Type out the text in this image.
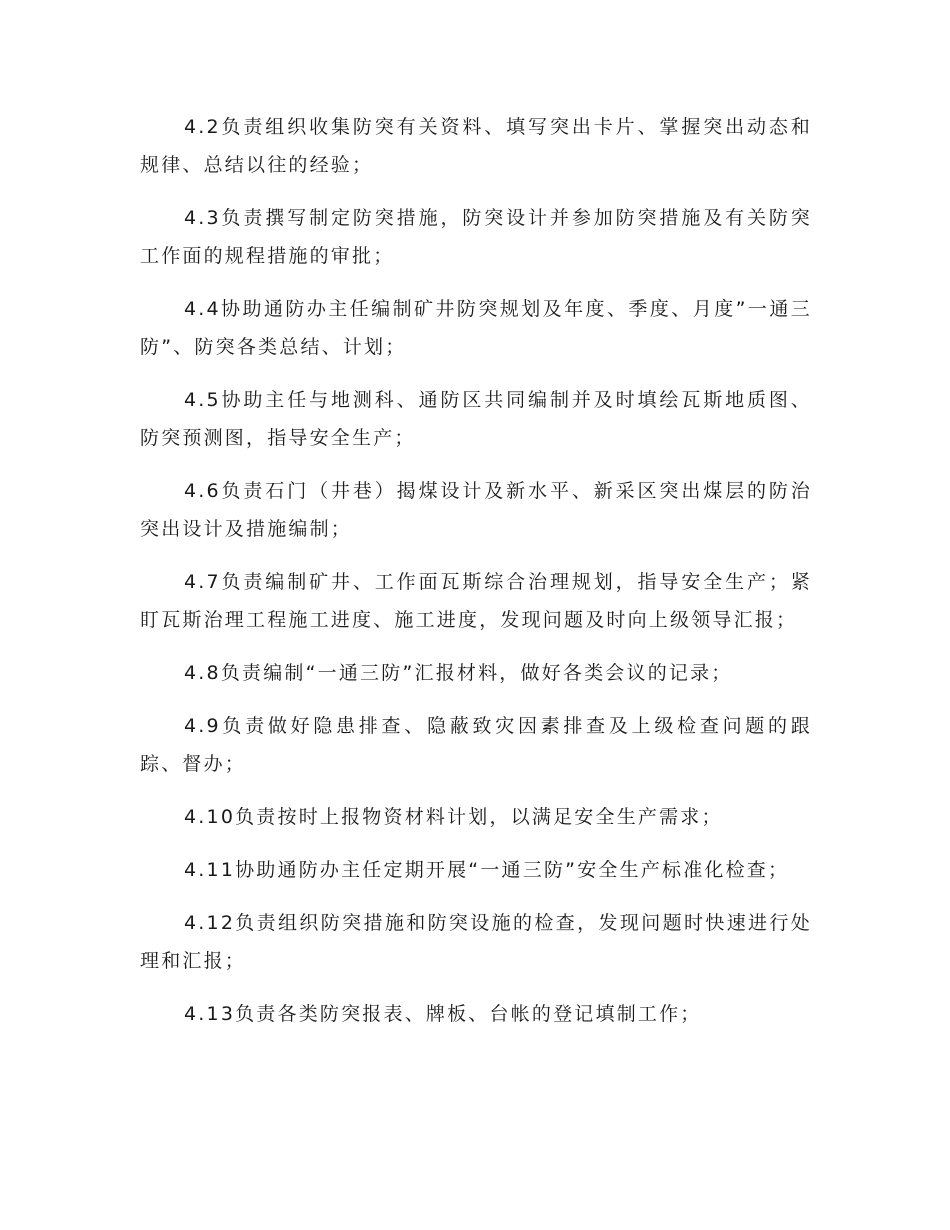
4.2负责组织收集防突有关资料、填写突出卡片、掌握突出动态和规律、总结以往的经验；

4.3负责撰写制定防突措施，防突设计并参加防突措施及有关防突工作面的规程措施的审批；

4.4协助通防办主任编制矿井防突规划及年度、季度、月度”一通三防”、防突各类总结、计划；

4.5协助主任与地测科、通防区共同编制并及时填绘瓦斯地质图、防突预测图，指导安全生产；

4.6负责石门（井巷）揭煤设计及新水平、新采区突出煤层的防治突出设计及措施编制；

4.7负责编制矿井、工作面瓦斯综合治理规划，指导安全生产；紧盯瓦斯治理工程施工进度、施工进度，发现问题及时向上级领导汇报；

4.8负责编制“一通三防”汇报材料，做好各类会议的记录；

4.9负责做好隐患排查、隐蔽致灾因素排查及上级检查问题的跟踪、督办；

4.10负责按时上报物资材料计划，以满足安全生产需求；

4.11协助通防办主任定期开展“一通三防”安全生产标准化检查；

4.12负责组织防突措施和防突设施的检查，发现问题时快速进行处理和汇报；

4.13负责各类防突报表、牌板、台帐的登记填制工作；
